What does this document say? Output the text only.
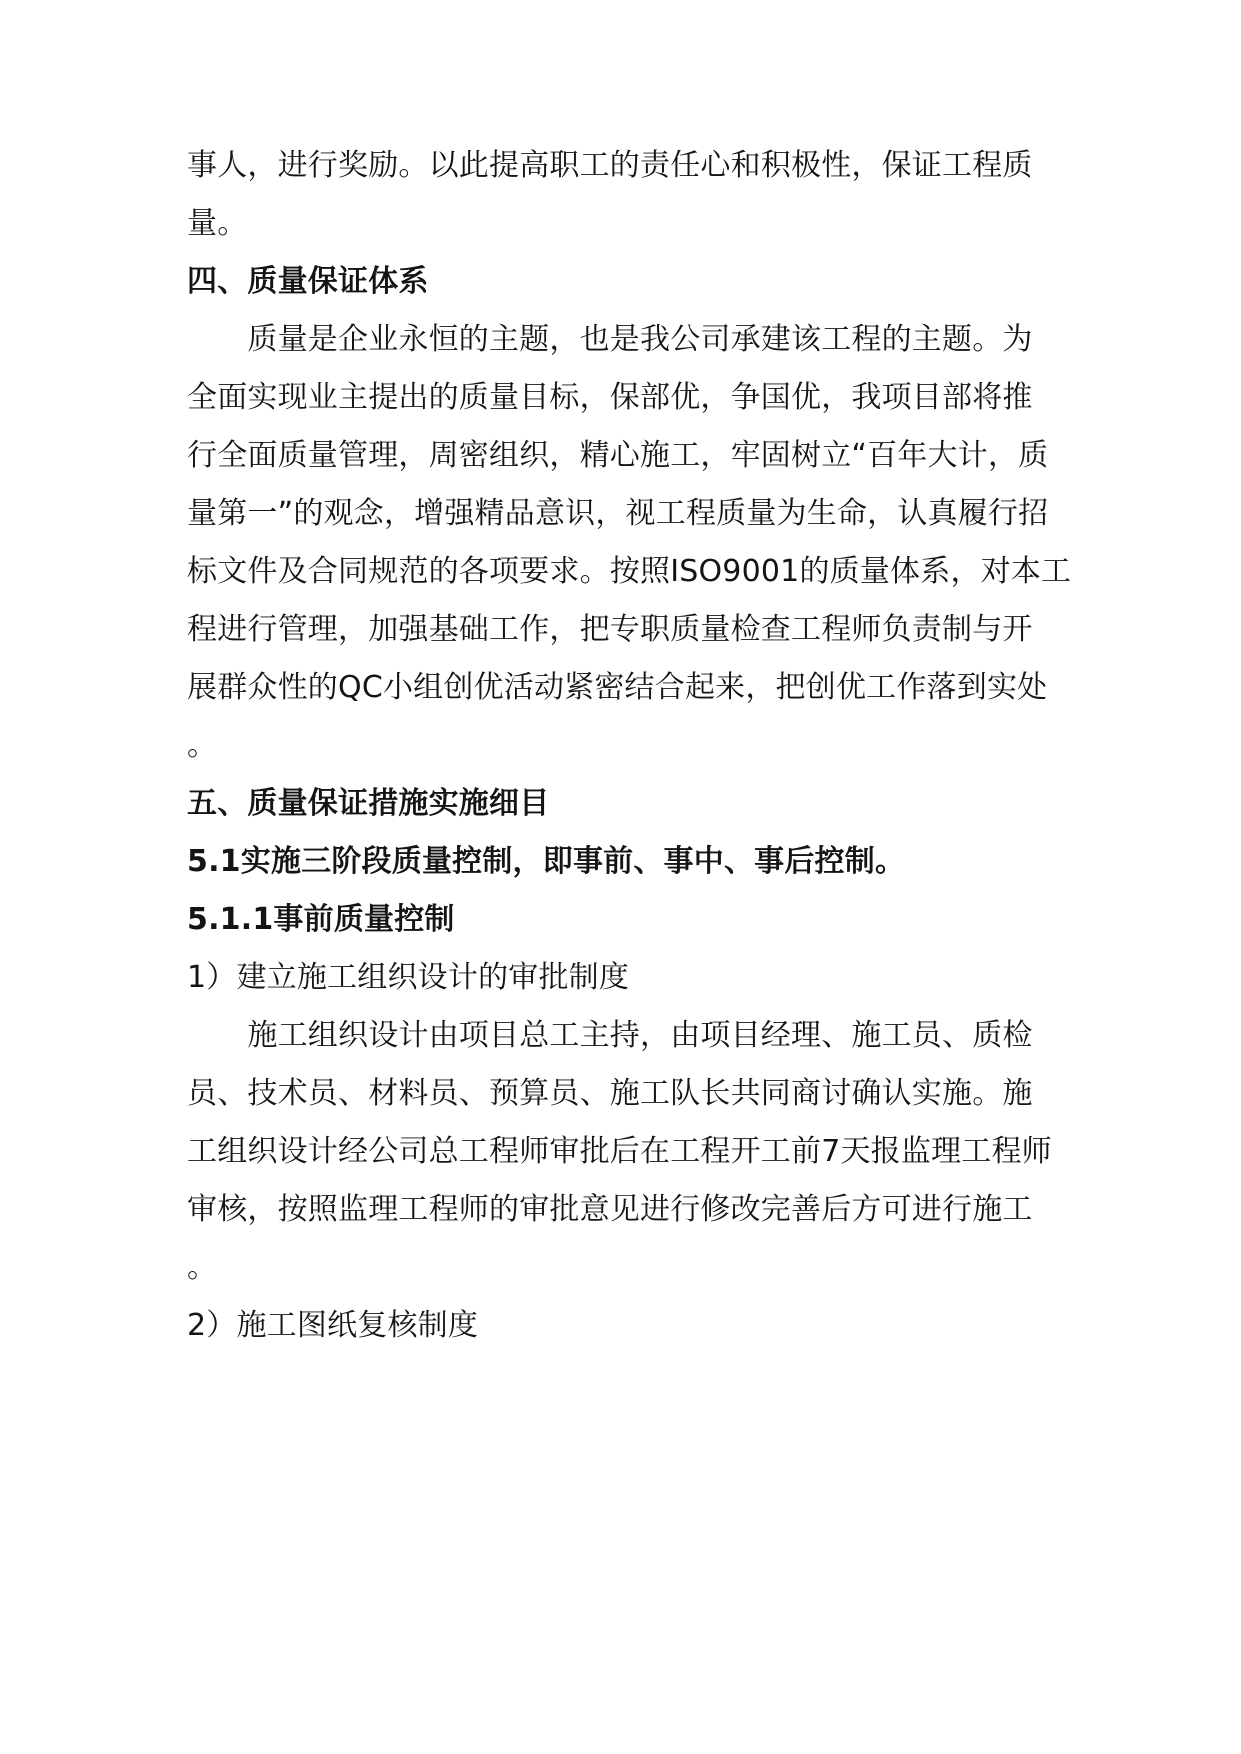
事人，进行奖励。以此提高职工的责任心和积极性，保证工程质
量。
四、质量保证体系
　　质量是企业永恒的主题，也是我公司承建该工程的主题。为
全面实现业主提出的质量目标，保部优，争国优，我项目部将推
行全面质量管理，周密组织，精心施工，牢固树立“百年大计，质
量第一”的观念，增强精品意识，视工程质量为生命，认真履行招
标文件及合同规范的各项要求。按照ISO9001的质量体系，对本工
程进行管理，加强基础工作，把专职质量检查工程师负责制与开
展群众性的QC小组创优活动紧密结合起来，把创优工作落到实处
。
五、质量保证措施实施细目
5.1实施三阶段质量控制，即事前、事中、事后控制。
5.1.1事前质量控制
1）建立施工组织设计的审批制度
　　施工组织设计由项目总工主持，由项目经理、施工员、质检
员、技术员、材料员、预算员、施工队长共同商讨确认实施。施
工组织设计经公司总工程师审批后在工程开工前7天报监理工程师
审核，按照监理工程师的审批意见进行修改完善后方可进行施工
。
2）施工图纸复核制度
